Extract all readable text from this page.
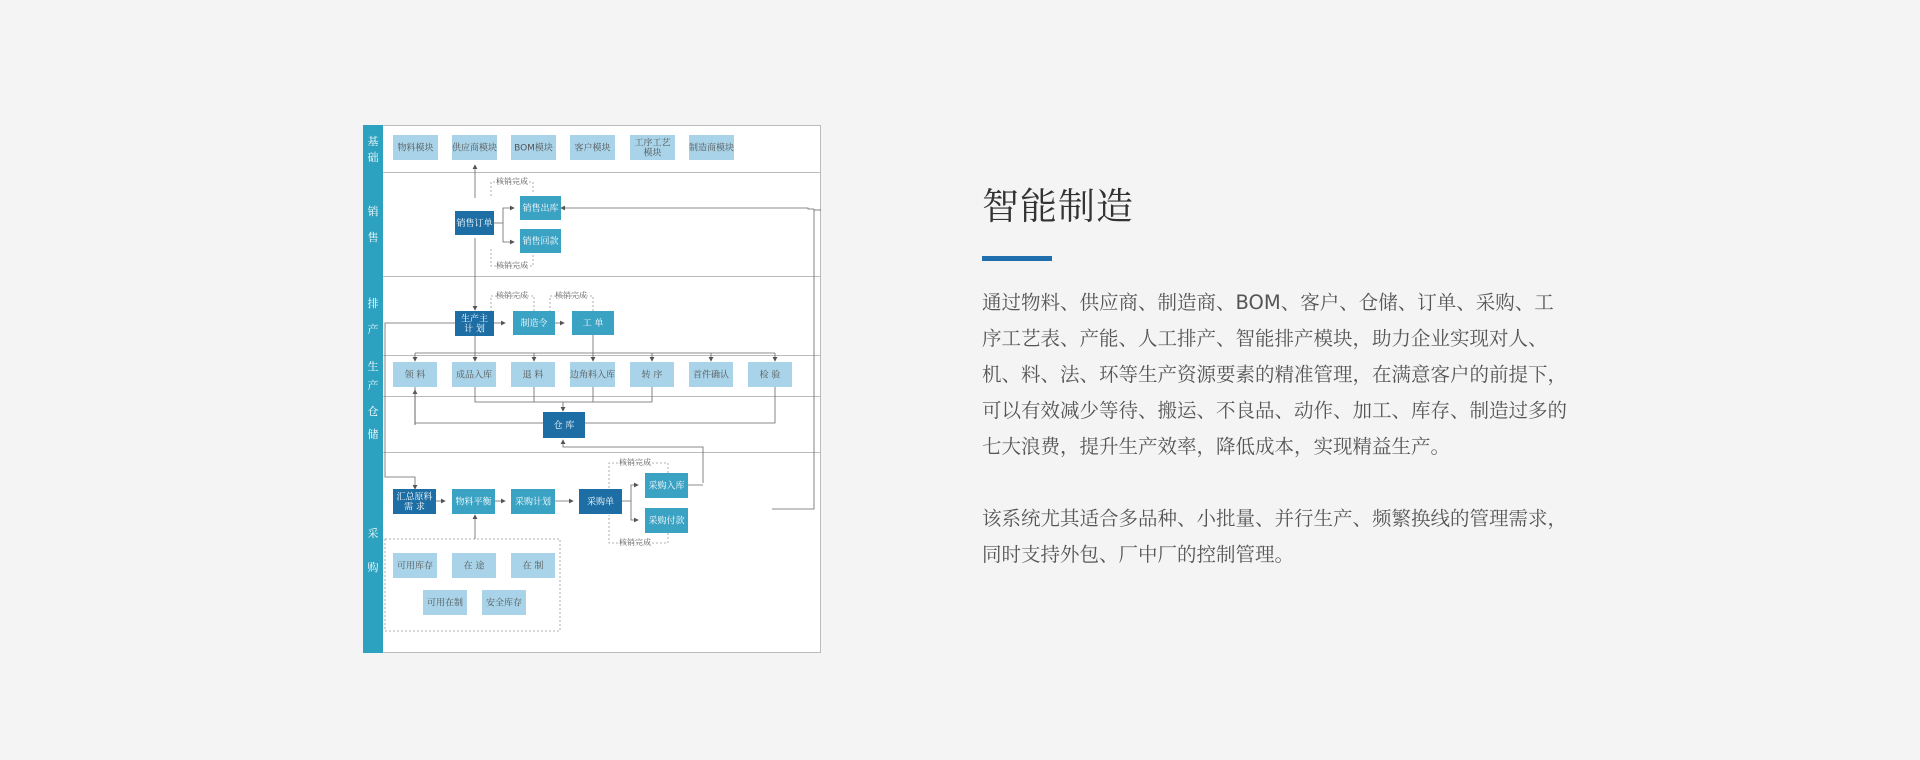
基础
销售
排产
生产
仓储
采购
核销完成
核销完成
核销完成	核销完成
核销完成
核销完成
物料模块 供应商模块 BOM模块 客户模块	工序工艺模块	制造商模块
销售订单
销售出库
销售回款
生产主计 划
制造令	工 单
领 料	成品入库	退 料	边角料入库	转 序	首件确认	检 验
仓 库
汇总原料需 求	物料平衡	采购计划	采购单
采购入库
采购付款
可用库存	在 途	在 制
可用在制	安全库存
智能制造

通过物料、供应商、制造商、BOM、客户、仓储、订单、采购、工序工艺表、产能、人工排产、智能排产模块，助力企业实现对人、机、料、法、环等生产资源要素的精准管理，在满意客户的前提下，可以有效减少等待、搬运、不良品、动作、加工、库存、制造过多的七大浪费，提升生产效率，降低成本，实现精益生产。

该系统尤其适合多品种、小批量、并行生产、频繁换线的管理需求，同时支持外包、厂中厂的控制管理。
